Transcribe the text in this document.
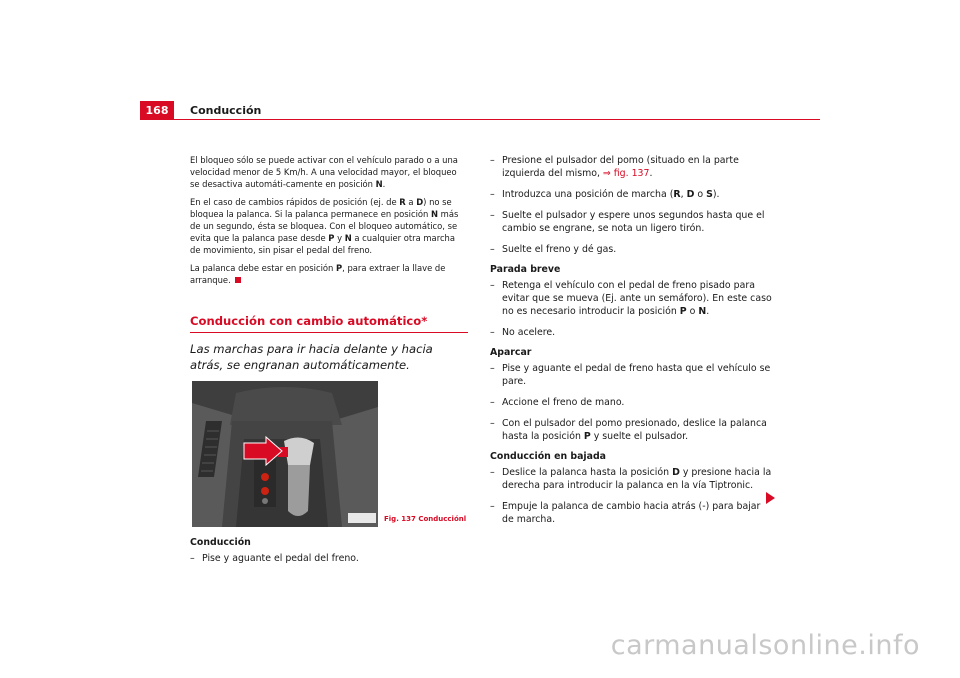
168	Conducción

El bloqueo sólo se puede activar con el vehículo parado o a una velocidad menor de 5 Km/h. A una velocidad mayor, el bloqueo se desactiva automáti-camente en posición N.

En el caso de cambios rápidos de posición (ej. de R a D) no se bloquea la palanca. Si la palanca permanece en posición N más de un segundo, ésta se bloquea. Con el bloqueo automático, se evita que la palanca pase desde P y N a cualquier otra marcha de movimiento, sin pisar el pedal del freno.

La palanca debe estar en posición P, para extraer la llave de arranque.

Conducción con cambio automático*

Las marchas para ir hacia delante y hacia atrás, se engranan automáticamente.

Fig. 137 Conducciónl
Conducción

– Pise y aguante el pedal del freno.

– Presione el pulsador del pomo (situado en la parte izquierda del mismo, ⇒ fig. 137.

– Introduzca una posición de marcha (R, D o S).

– Suelte el pulsador y espere unos segundos hasta que el cambio se engrane, se nota un ligero tirón.

– Suelte el freno y dé gas.

Parada breve

– Retenga el vehículo con el pedal de freno pisado para evitar que se mueva (Ej. ante un semáforo). En este caso no es necesario introducir la posición P o N.

– No acelere.

Aparcar

– Pise y aguante el pedal de freno hasta que el vehículo se pare.

– Accione el freno de mano.

– Con el pulsador del pomo presionado, deslice la palanca hasta la posición P y suelte el pulsador.

Conducción en bajada

– Deslice la palanca hasta la posición D y presione hacia la derecha para introducir la palanca en la vía Tiptronic.

– Empuje la palanca de cambio hacia atrás (-) para bajar de marcha.

carmanualsonline.info
